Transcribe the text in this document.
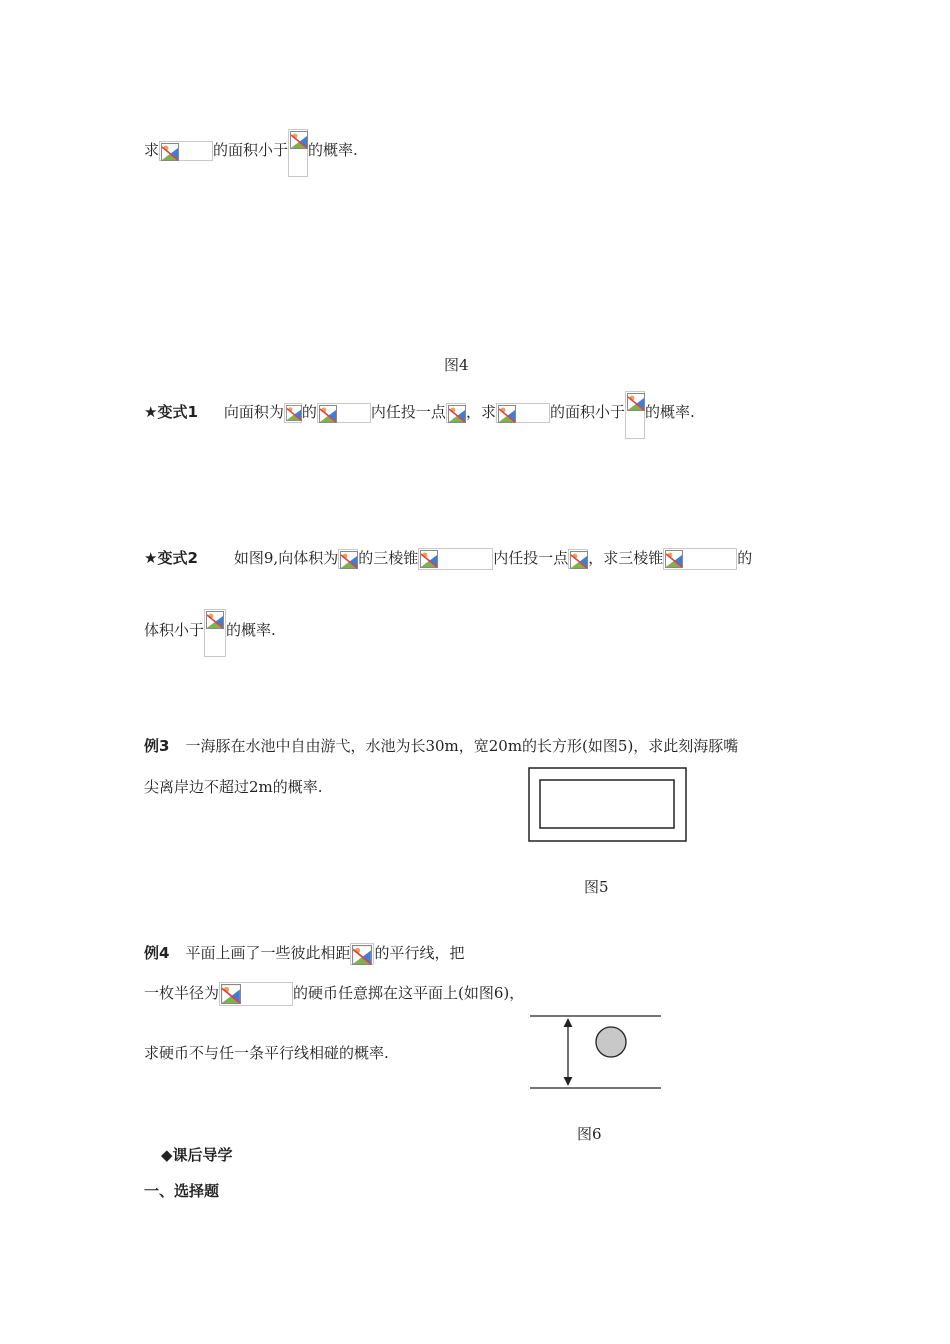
求	的面积小于 的概率.
图4
★变式1 向面积为 的	内任投一点 ，求	的面积小于 的概率.
★变式2 如图9,向体积为 的三棱锥	内任投一点 ，求三棱锥	的
体积小于 的概率.
例3 一海豚在水池中自由游弋，水池为长30m，宽20m的长方形(如图5)，求此刻海豚嘴
尖离岸边不超过2m的概率.
图5
例4 平面上画了一些彼此相距 的平行线，把
一枚半径为	的硬币任意掷在这平面上(如图6)，
求硬币不与任一条平行线相碰的概率.
图6
◆课后导学
一、选择题
